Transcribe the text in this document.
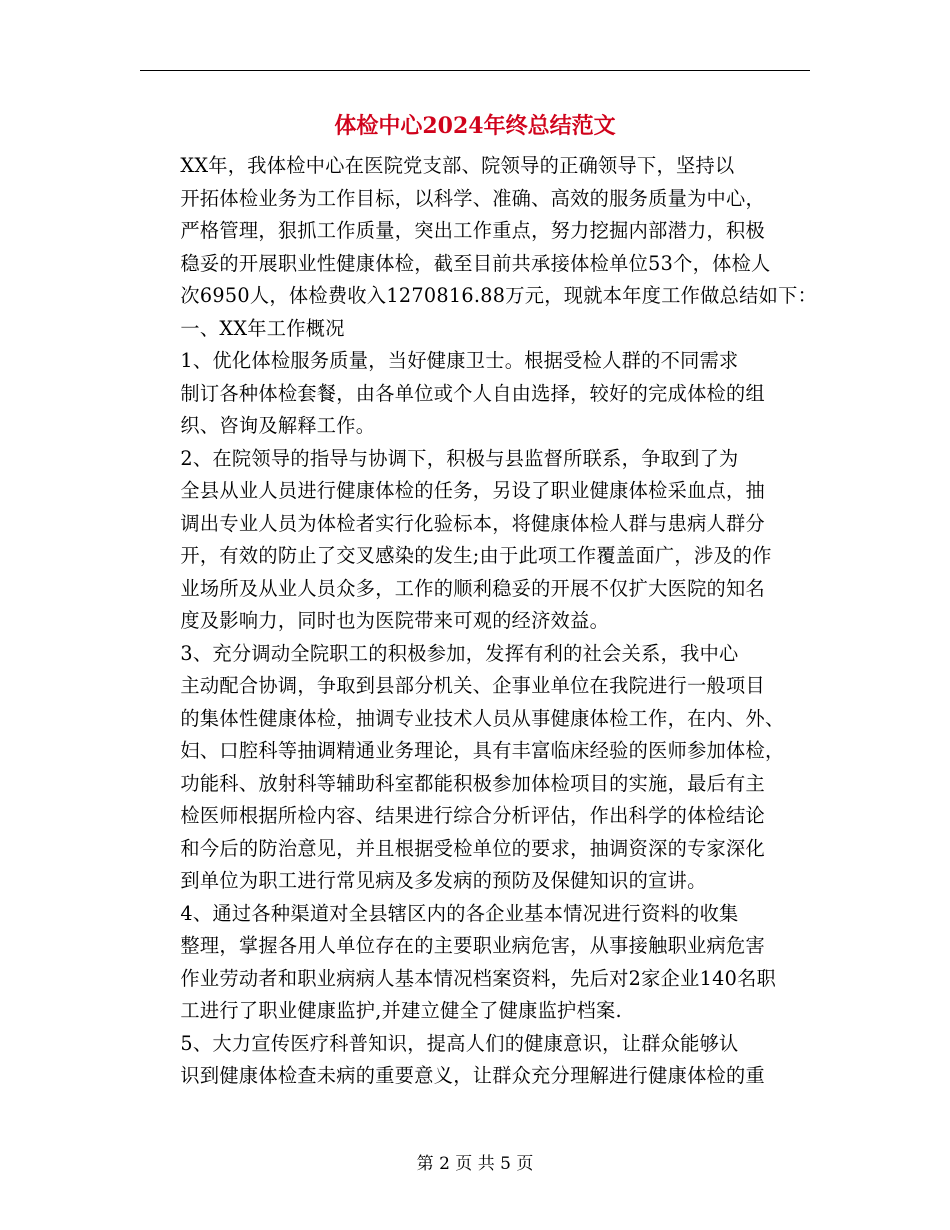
体检中心2024年终总结范文

XX年，我体检中心在医院党支部、院领导的正确领导下，坚持以
开拓体检业务为工作目标，以科学、准确、高效的服务质量为中心，
严格管理，狠抓工作质量，突出工作重点，努力挖掘内部潜力，积极
稳妥的开展职业性健康体检，截至目前共承接体检单位53个，体检人
次6950人，体检费收入1270816.88万元，现就本年度工作做总结如下：

一、XX年工作概况

1、优化体检服务质量，当好健康卫士。根据受检人群的不同需求
制订各种体检套餐，由各单位或个人自由选择，较好的完成体检的组
织、咨询及解释工作。

2、在院领导的指导与协调下，积极与县监督所联系，争取到了为
全县从业人员进行健康体检的任务，另设了职业健康体检采血点，抽
调出专业人员为体检者实行化验标本，将健康体检人群与患病人群分
开，有效的防止了交叉感染的发生;由于此项工作覆盖面广，涉及的作
业场所及从业人员众多，工作的顺利稳妥的开展不仅扩大医院的知名
度及影响力，同时也为医院带来可观的经济效益。

3、充分调动全院职工的积极参加，发挥有利的社会关系，我中心
主动配合协调，争取到县部分机关、企事业单位在我院进行一般项目
的集体性健康体检，抽调专业技术人员从事健康体检工作，在内、外、
妇、口腔科等抽调精通业务理论，具有丰富临床经验的医师参加体检，
功能科、放射科等辅助科室都能积极参加体检项目的实施，最后有主
检医师根据所检内容、结果进行综合分析评估，作出科学的体检结论
和今后的防治意见，并且根据受检单位的要求，抽调资深的专家深化
到单位为职工进行常见病及多发病的预防及保健知识的宣讲。

4、通过各种渠道对全县辖区内的各企业基本情况进行资料的收集
整理，掌握各用人单位存在的主要职业病危害，从事接触职业病危害
作业劳动者和职业病病人基本情况档案资料，先后对2家企业140名职
工进行了职业健康监护,并建立健全了健康监护档案.

5、大力宣传医疗科普知识，提高人们的健康意识，让群众能够认
识到健康体检查未病的重要意义，让群众充分理解进行健康体检的重

第 2 页 共 5 页
